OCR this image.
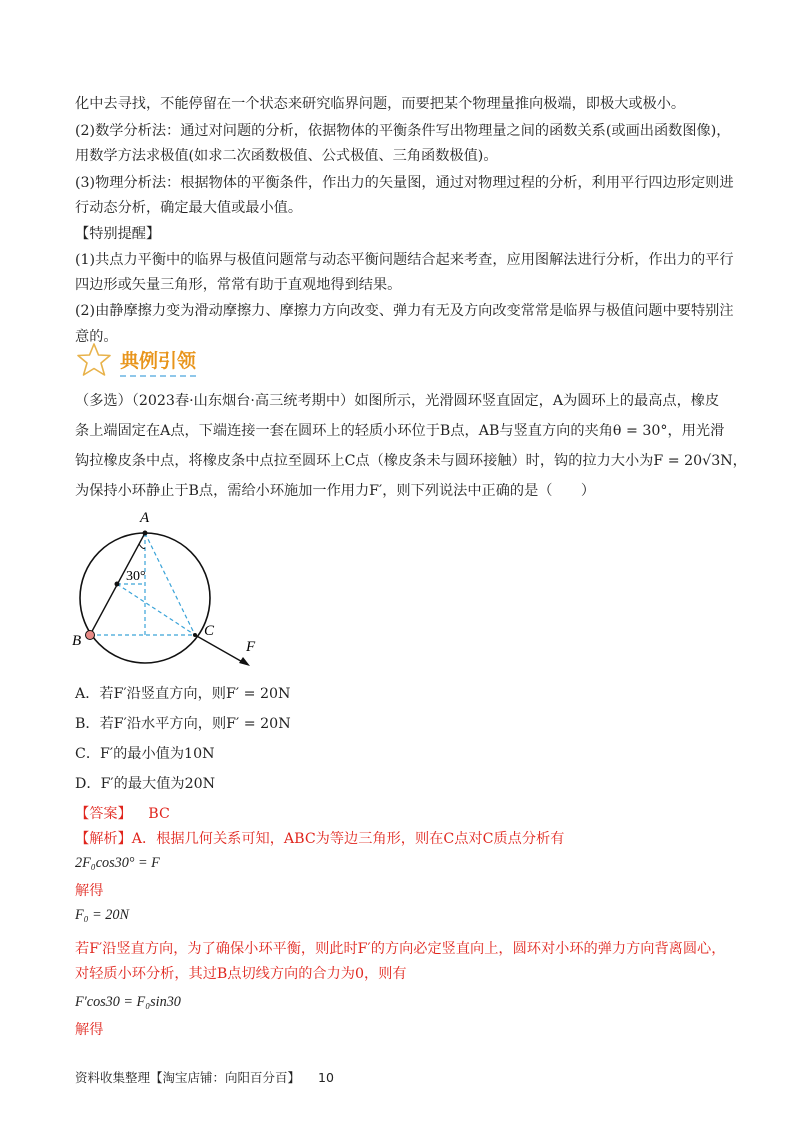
化中去寻找，不能停留在一个状态来研究临界问题，而要把某个物理量推向极端，即极大或极小。
(2)数学分析法：通过对问题的分析，依据物体的平衡条件写出物理量之间的函数关系(或画出函数图像)，
用数学方法求极值(如求二次函数极值、公式极值、三角函数极值)。
(3)物理分析法：根据物体的平衡条件，作出力的矢量图，通过对物理过程的分析，利用平行四边形定则进
行动态分析，确定最大值或最小值。
【特别提醒】
(1)共点力平衡中的临界与极值问题常与动态平衡问题结合起来考查，应用图解法进行分析，作出力的平行
四边形或矢量三角形，常常有助于直观地得到结果。
(2)由静摩擦力变为滑动摩擦力、摩擦力方向改变、弹力有无及方向改变常常是临界与极值问题中要特别注
意的。
典例引领
（多选）（2023春·山东烟台·高三统考期中）如图所示，光滑圆环竖直固定，A为圆环上的最高点，橡皮
条上端固定在A点，下端连接一套在圆环上的轻质小环位于B点，AB与竖直方向的夹角θ = 30°，用光滑
钩拉橡皮条中点，将橡皮条中点拉至圆环上C点（橡皮条未与圆环接触）时，钩的拉力大小为F = 20√3N，
为保持小环静止于B点，需给小环施加一作用力F′，则下列说法中正确的是（　　）
A
B
C
F
30°
A．若F′沿竖直方向，则F′ = 20N
B．若F′沿水平方向，则F′ = 20N
C．F′的最小值为10N
D．F′的最大值为20N
【答案】 BC
【解析】A．根据几何关系可知，ABC为等边三角形，则在C点对C质点分析有
2F₀cos30° = F
解得
F₀ = 20N
若F′沿竖直方向，为了确保小环平衡，则此时F′的方向必定竖直向上，圆环对小环的弹力方向背离圆心，
对轻质小环分析，其过B点切线方向的合力为0，则有
F′cos30 = F₀sin30
解得
资料收集整理【淘宝店铺：向阳百分百】 10
